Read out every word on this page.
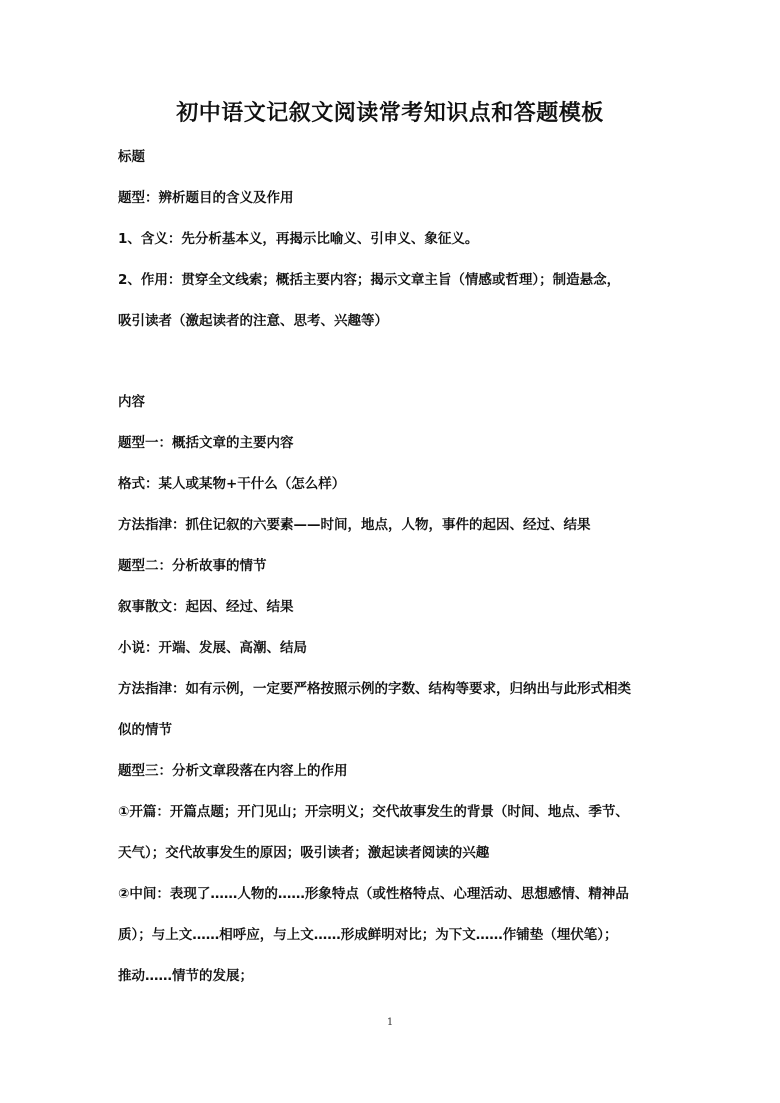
初中语文记叙文阅读常考知识点和答题模板
标题
题型：辨析题目的含义及作用
1、含义：先分析基本义，再揭示比喻义、引申义、象征义。
2、作用：贯穿全文线索；概括主要内容；揭示文章主旨（情感或哲理）；制造悬念，
吸引读者（激起读者的注意、思考、兴趣等）
内容
题型一：概括文章的主要内容
格式：某人或某物+干什么（怎么样）
方法指津：抓住记叙的六要素——时间，地点，人物，事件的起因、经过、结果
题型二：分析故事的情节
叙事散文：起因、经过、结果
小说：开端、发展、高潮、结局
方法指津：如有示例，一定要严格按照示例的字数、结构等要求，归纳出与此形式相类
似的情节
题型三：分析文章段落在内容上的作用
①开篇：开篇点题；开门见山；开宗明义；交代故事发生的背景（时间、地点、季节、
天气）；交代故事发生的原因；吸引读者；激起读者阅读的兴趣
②中间：表现了……人物的……形象特点（或性格特点、心理活动、思想感情、精神品
质）；与上文……相呼应，与上文……形成鲜明对比；为下文……作铺垫（埋伏笔）；
推动……情节的发展；
1
